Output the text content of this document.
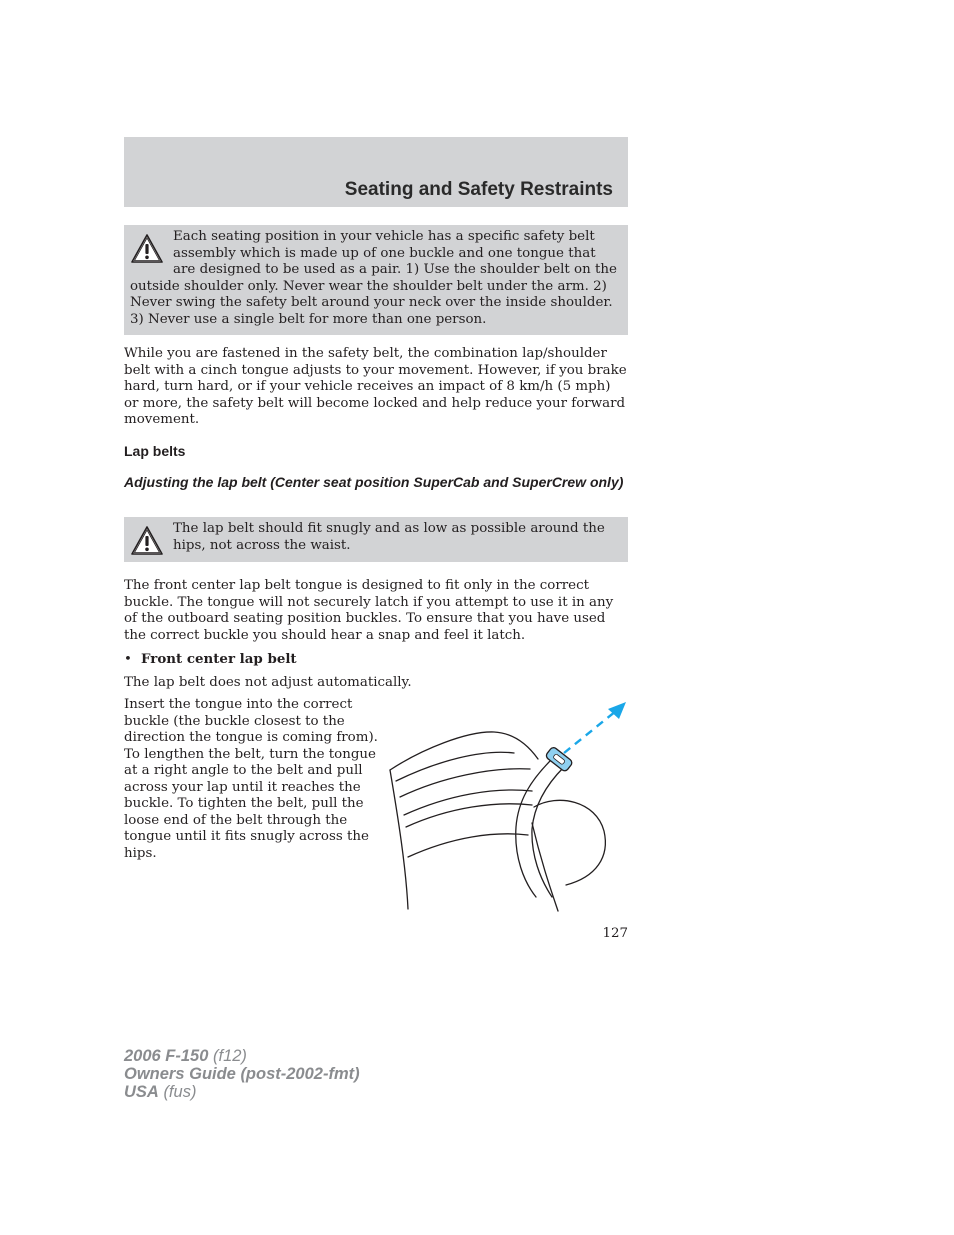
Seating and Safety Restraints

Each seating position in your vehicle has a specific safety belt assembly which is made up of one buckle and one tongue that are designed to be used as a pair. 1) Use the shoulder belt on the outside shoulder only. Never wear the shoulder belt under the arm. 2) Never swing the safety belt around your neck over the inside shoulder. 3) Never use a single belt for more than one person.

While you are fastened in the safety belt, the combination lap/shoulder belt with a cinch tongue adjusts to your movement. However, if you brake hard, turn hard, or if your vehicle receives an impact of 8 km/h (5 mph) or more, the safety belt will become locked and help reduce your forward movement.

Lap belts
Adjusting the lap belt (Center seat position SuperCab and SuperCrew only)

The lap belt should fit snugly and as low as possible around the hips, not across the waist.

The front center lap belt tongue is designed to fit only in the correct buckle. The tongue will not securely latch if you attempt to use it in any of the outboard seating position buckles. To ensure that you have used the correct buckle you should hear a snap and feel it latch.

• Front center lap belt

The lap belt does not adjust automatically.

Insert the tongue into the correct buckle (the buckle closest to the direction the tongue is coming from). To lengthen the belt, turn the tongue at a right angle to the belt and pull across your lap until it reaches the buckle. To tighten the belt, pull the loose end of the belt through the tongue until it fits snugly across the hips.

127

2006 F-150 (f12)
Owners Guide (post-2002-fmt)
USA (fus)
